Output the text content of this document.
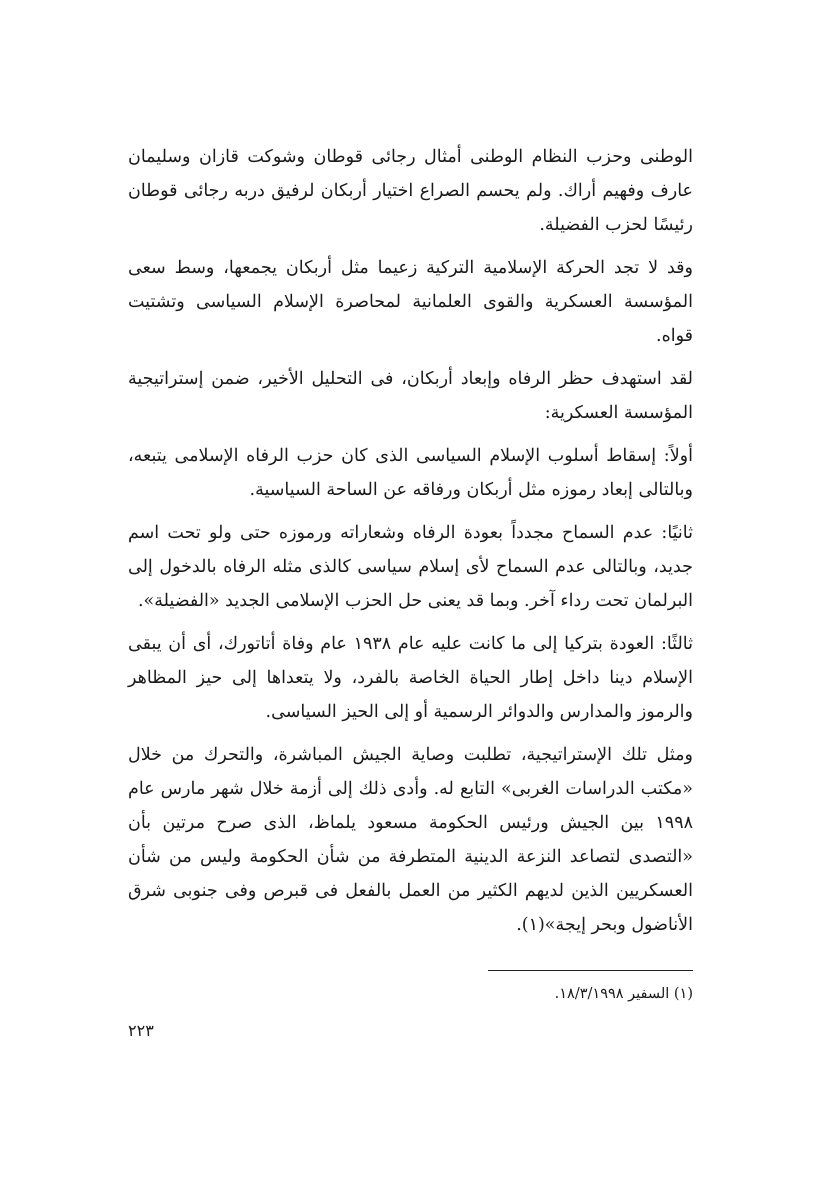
الوطنى وحزب النظام الوطنى أمثال رجائى قوطان وشوكت قازان وسليمان عارف وفهيم أراك. ولم يحسم الصراع اختيار أربكان لرفيق دربه رجائى قوطان رئيسًا لحزب الفضيلة.

وقد لا تجد الحركة الإسلامية التركية زعيما مثل أربكان يجمعها، وسط سعى المؤسسة العسكرية والقوى العلمانية لمحاصرة الإسلام السياسى وتشتيت قواه.

لقد استهدف حظر الرفاه وإبعاد أربكان، فى التحليل الأخير، ضمن إستراتيجية المؤسسة العسكرية:

أولاً: إسقاط أسلوب الإسلام السياسى الذى كان حزب الرفاه الإسلامى يتبعه، وبالتالى إبعاد رموزه مثل أربكان ورفاقه عن الساحة السياسية.

ثانيًا: عدم السماح مجدداً بعودة الرفاه وشعاراته ورموزه حتى ولو تحت اسم جديد، وبالتالى عدم السماح لأى إسلام سياسى كالذى مثله الرفاه بالدخول إلى البرلمان تحت رداء آخر. وبما قد يعنى حل الحزب الإسلامى الجديد «الفضيلة».

ثالثًا: العودة بتركيا إلى ما كانت عليه عام ١٩٣٨ عام وفاة أتاتورك، أى أن يبقى الإسلام دينا داخل إطار الحياة الخاصة بالفرد، ولا يتعداها إلى حيز المظاهر والرموز والمدارس والدوائر الرسمية أو إلى الحيز السياسى.

ومثل تلك الإستراتيجية، تطلبت وصاية الجيش المباشرة، والتحرك من خلال «مكتب الدراسات الغربى» التابع له. وأدى ذلك إلى أزمة خلال شهر مارس عام ١٩٩٨ بين الجيش ورئيس الحكومة مسعود يلماظ، الذى صرح مرتين بأن «التصدى لتصاعد النزعة الدينية المتطرفة من شأن الحكومة وليس من شأن العسكريين الذين لديهم الكثير من العمل بالفعل فى قبرص وفى جنوبى شرق الأناضول وبحر إيجة»(١).

(١) السفير ١٨/٣/١٩٩٨.
٢٢٣
